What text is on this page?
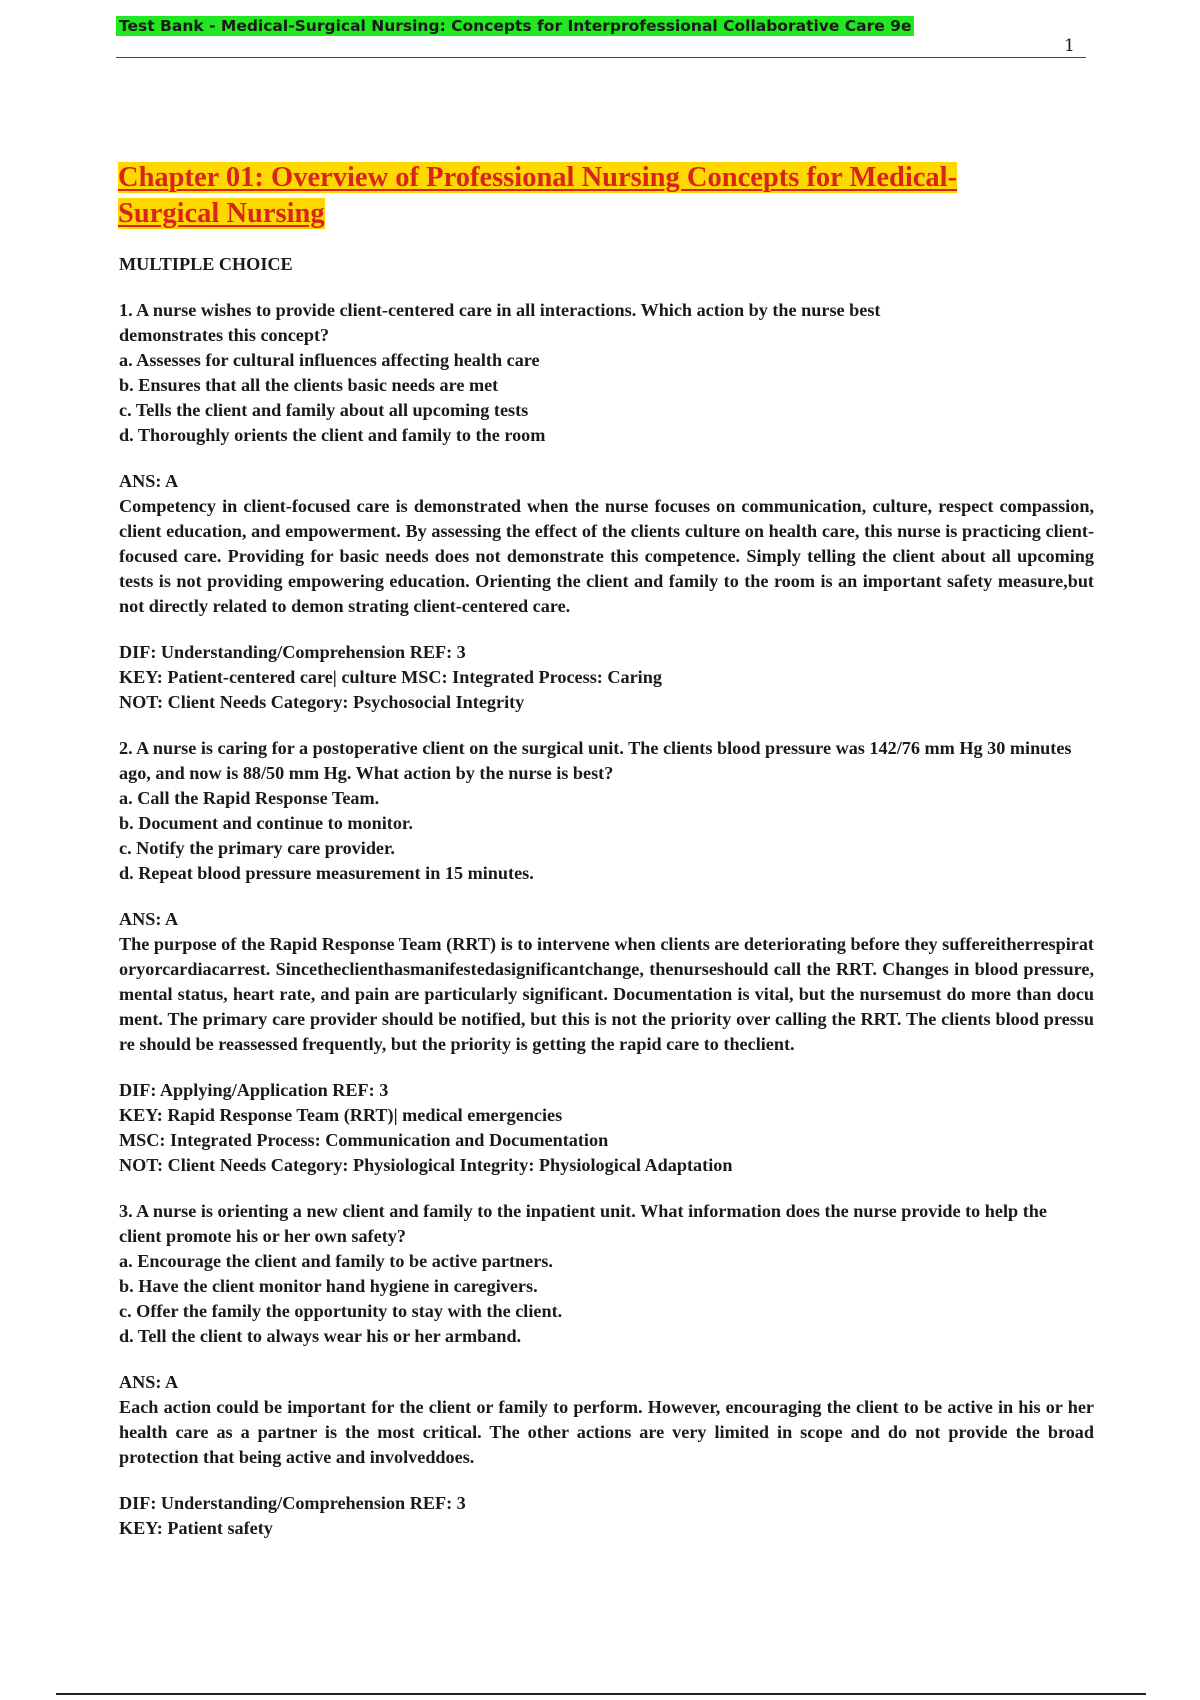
Test Bank - Medical-Surgical Nursing: Concepts for Interprofessional Collaborative Care 9e
1
Chapter 01: Overview of Professional Nursing Concepts for Medical-Surgical Nursing

MULTIPLE CHOICE

1. A nurse wishes to provide client-centered care in all interactions. Which action by the nurse best demonstrates this concept?

a. Assesses for cultural influences affecting health care

b. Ensures that all the clients basic needs are met

c. Tells the client and family about all upcoming tests

d. Thoroughly orients the client and family to the room

ANS: A

Competency in client-focused care is demonstrated when the nurse focuses on communication, culture, respect compassion, client education, and empowerment. By assessing the effect of the clients culture on health care, this nurse is practicing client-focused care. Providing for basic needs does not demonstrate this competence. Simply telling the client about all upcoming tests is not providing empowering education. Orienting the client and family to the room is an important safety measure,but not directly related to demon strating client-centered care.

DIF: Understanding/Comprehension REF: 3

KEY: Patient-centered care| culture MSC: Integrated Process: Caring

NOT: Client Needs Category: Psychosocial Integrity

2. A nurse is caring for a postoperative client on the surgical unit. The clients blood pressure was 142/76 mm Hg 30 minutes ago, and now is 88/50 mm Hg. What action by the nurse is best?

a. Call the Rapid Response Team.

b. Document and continue to monitor.

c. Notify the primary care provider.

d. Repeat blood pressure measurement in 15 minutes.

ANS: A

The purpose of the Rapid Response Team (RRT) is to intervene when clients are deteriorating before they suffereitherrespiratoryorcardiacarrest. Sincetheclienthasmanifestedasignificantchange, thenurseshould call the RRT. Changes in blood pressure, mental status, heart rate, and pain are particularly significant. Documentation is vital, but the nursemust do more than document. The primary care provider should be notified, but this is not the priority over calling the RRT. The clients blood pressure should be reassessed frequently, but the priority is getting the rapid care to theclient.

DIF: Applying/Application REF: 3

KEY: Rapid Response Team (RRT)| medical emergencies

MSC: Integrated Process: Communication and Documentation

NOT: Client Needs Category: Physiological Integrity: Physiological Adaptation

3. A nurse is orienting a new client and family to the inpatient unit. What information does the nurse provide to help the client promote his or her own safety?

a. Encourage the client and family to be active partners.

b. Have the client monitor hand hygiene in caregivers.

c. Offer the family the opportunity to stay with the client.

d. Tell the client to always wear his or her armband.

ANS: A

Each action could be important for the client or family to perform. However, encouraging the client to be active in his or her health care as a partner is the most critical. The other actions are very limited in scope and do not provide the broad protection that being active and involveddoes.

DIF: Understanding/Comprehension REF: 3

KEY: Patient safety
